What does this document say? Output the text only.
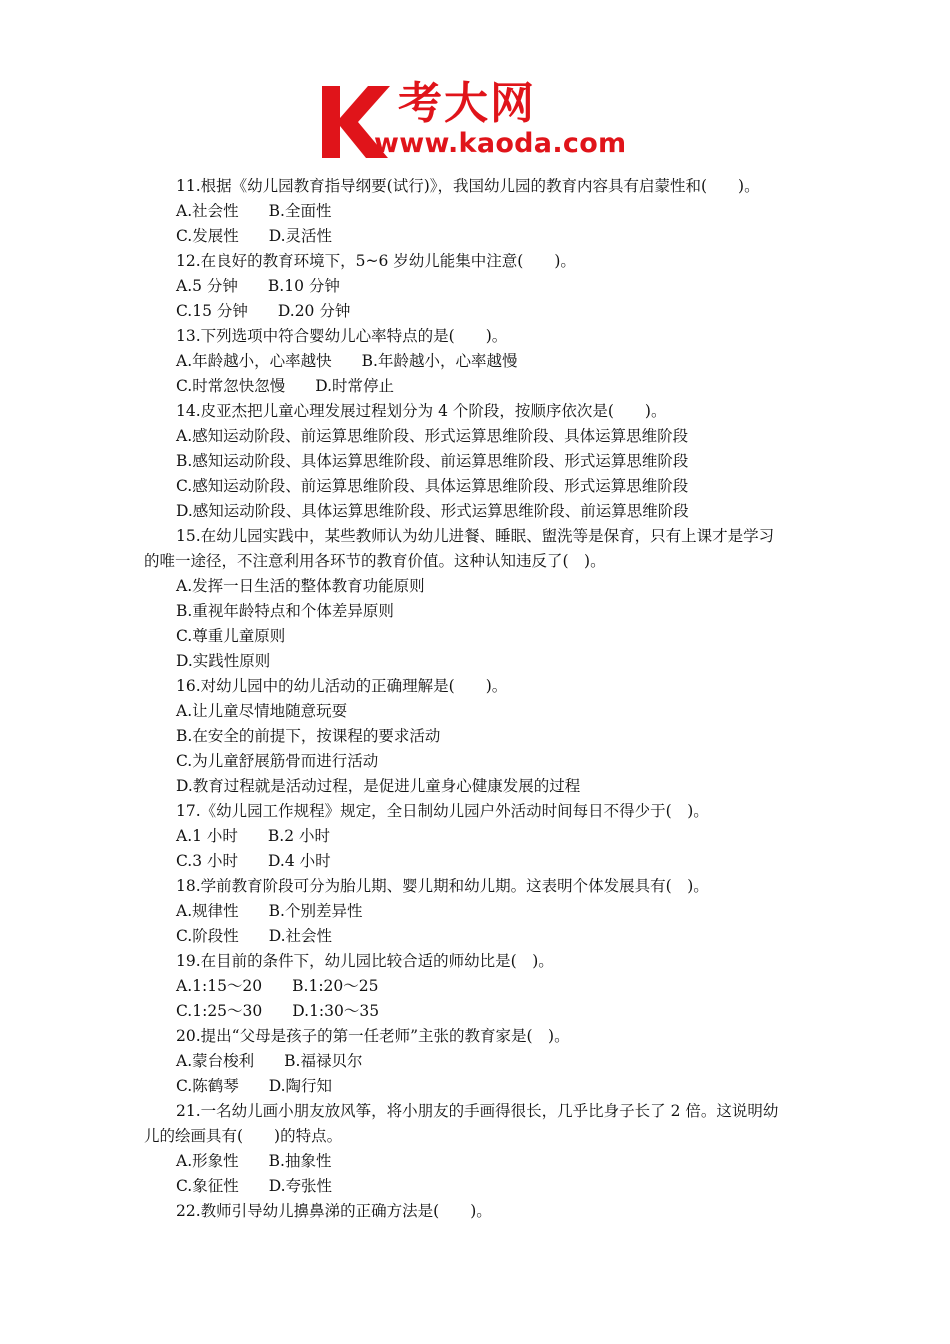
考大网
www.kaoda.com
11.根据《幼儿园教育指导纲要(试行)》，我国幼儿园的教育内容具有启蒙性和(　　)。
A.社会性 B.全面性
C.发展性 D.灵活性
12.在良好的教育环境下，5~6 岁幼儿能集中注意(　　)。
A.5 分钟 B.10 分钟
C.15 分钟 D.20 分钟
13.下列选项中符合婴幼儿心率特点的是(　　)。
A.年龄越小，心率越快 B.年龄越小，心率越慢
C.时常忽快忽慢 D.时常停止
14.皮亚杰把儿童心理发展过程划分为 4 个阶段，按顺序依次是(　　)。
A.感知运动阶段、前运算思维阶段、形式运算思维阶段、具体运算思维阶段
B.感知运动阶段、具体运算思维阶段、前运算思维阶段、形式运算思维阶段
C.感知运动阶段、前运算思维阶段、具体运算思维阶段、形式运算思维阶段
D.感知运动阶段、具体运算思维阶段、形式运算思维阶段、前运算思维阶段
15.在幼儿园实践中，某些教师认为幼儿进餐、睡眠、盥洗等是保育，只有上课才是学习
的唯一途径，不注意利用各环节的教育价值。这种认知违反了(　)。
A.发挥一日生活的整体教育功能原则
B.重视年龄特点和个体差异原则
C.尊重儿童原则
D.实践性原则
16.对幼儿园中的幼儿活动的正确理解是(　　)。
A.让儿童尽情地随意玩耍
B.在安全的前提下，按课程的要求活动
C.为儿童舒展筋骨而进行活动
D.教育过程就是活动过程，是促进儿童身心健康发展的过程
17.《幼儿园工作规程》规定，全日制幼儿园户外活动时间每日不得少于(　)。
A.1 小时 B.2 小时
C.3 小时 D.4 小时
18.学前教育阶段可分为胎儿期、婴儿期和幼儿期。这表明个体发展具有(　)。
A.规律性 B.个别差异性
C.阶段性 D.社会性
19.在目前的条件下，幼儿园比较合适的师幼比是(　)。
A.1:15～20 B.1:20～25
C.1:25～30 D.1:30～35
20.提出“父母是孩子的第一任老师”主张的教育家是(　)。
A.蒙台梭利 B.福禄贝尔
C.陈鹤琴 D.陶行知
21.一名幼儿画小朋友放风筝，将小朋友的手画得很长，几乎比身子长了 2 倍。这说明幼
儿的绘画具有(　　)的特点。
A.形象性 B.抽象性
C.象征性 D.夸张性
22.教师引导幼儿擤鼻涕的正确方法是(　　)。
